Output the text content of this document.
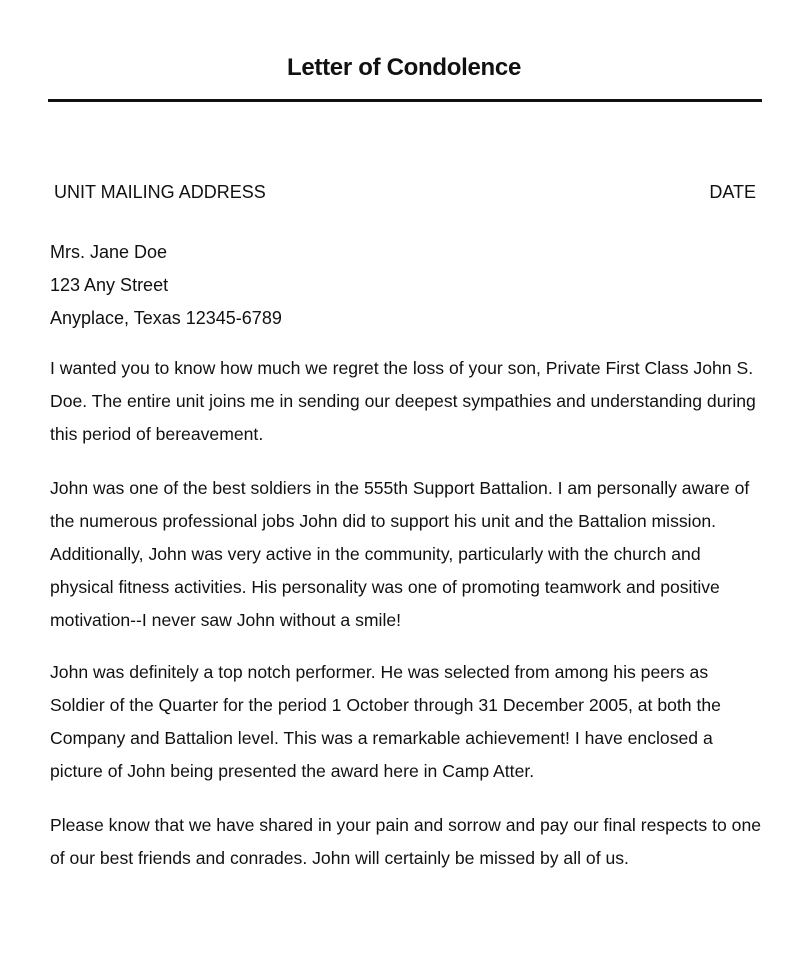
Letter of Condolence
UNIT MAILING ADDRESS	DATE
Mrs. Jane Doe
123 Any Street
Anyplace, Texas 12345-6789

I wanted you to know how much we regret the loss of your son, Private First Class John S. Doe. The entire unit joins me in sending our deepest sympathies and understanding during this period of bereavement.

John was one of the best soldiers in the 555th Support Battalion. I am personally aware of the numerous professional jobs John did to support his unit and the Battalion mission. Additionally, John was very active in the community, particularly with the church and physical fitness activities. His personality was one of promoting teamwork and positive motivation--I never saw John without a smile!

John was definitely a top notch performer. He was selected from among his peers as Soldier of the Quarter for the period 1 October through 31 December 2005, at both the Company and Battalion level. This was a remarkable achievement! I have enclosed a picture of John being presented the award here in Camp Atter.

Please know that we have shared in your pain and sorrow and pay our final respects to one of our best friends and conrades. John will certainly be missed by all of us.
